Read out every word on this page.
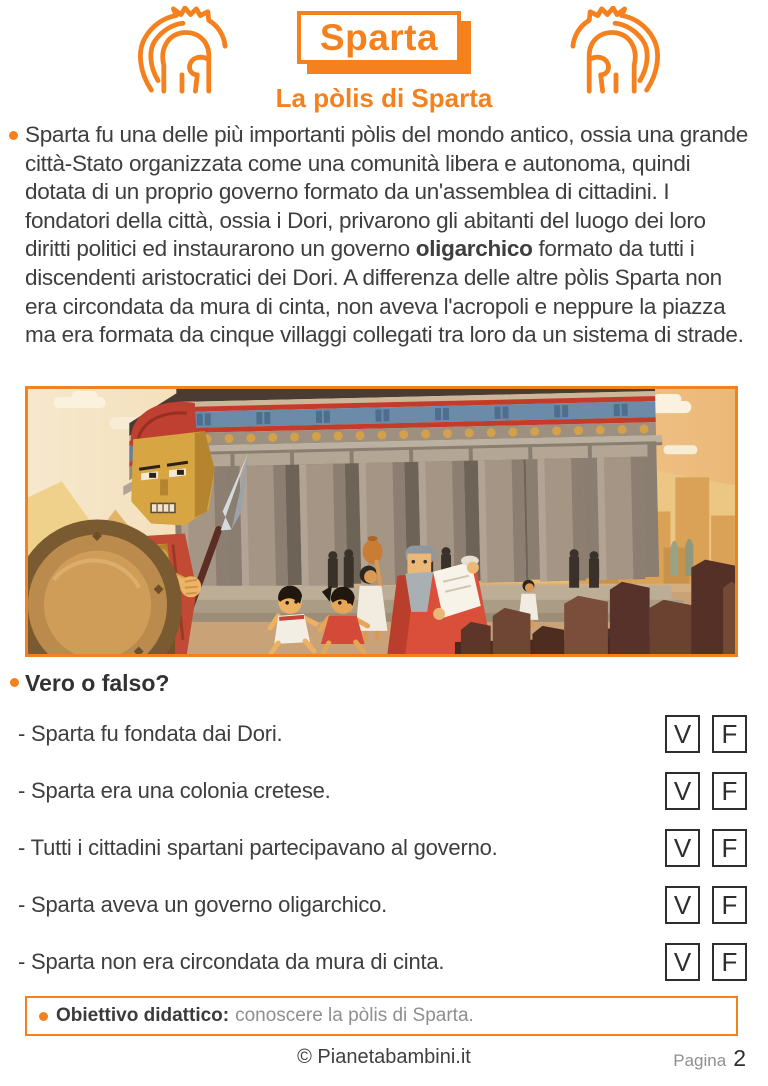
Sparta
La pòlis di Sparta

Sparta fu una delle più importanti pòlis del mondo antico, ossia una grande città-Stato organizzata come una comunità libera e autonoma, quindi dotata di un proprio governo formato da un'assemblea di cittadini. I fondatori della città, ossia i Dori, privarono gli abitanti del luogo dei loro diritti politici ed instaurarono un governo oligarchico formato da tutti i discendenti aristocratici dei Dori. A differenza delle altre pòlis Sparta non era circondata da mura di cinta, non aveva l'acropoli e neppure la piazza ma era formata da cinque villaggi collegati tra loro da un sistema di strade.

Vero o falso?
- Sparta fu fondata dai Dori.	V	F
- Sparta era una colonia cretese.	V	F
- Tutti i cittadini spartani partecipavano al governo.	V	F
- Sparta aveva un governo oligarchico.	V	F
- Sparta non era circondata da mura di cinta.	V	F
Obiettivo didattico: conoscere la pòlis di Sparta.
© Pianetabambini.it	Pagina 2
